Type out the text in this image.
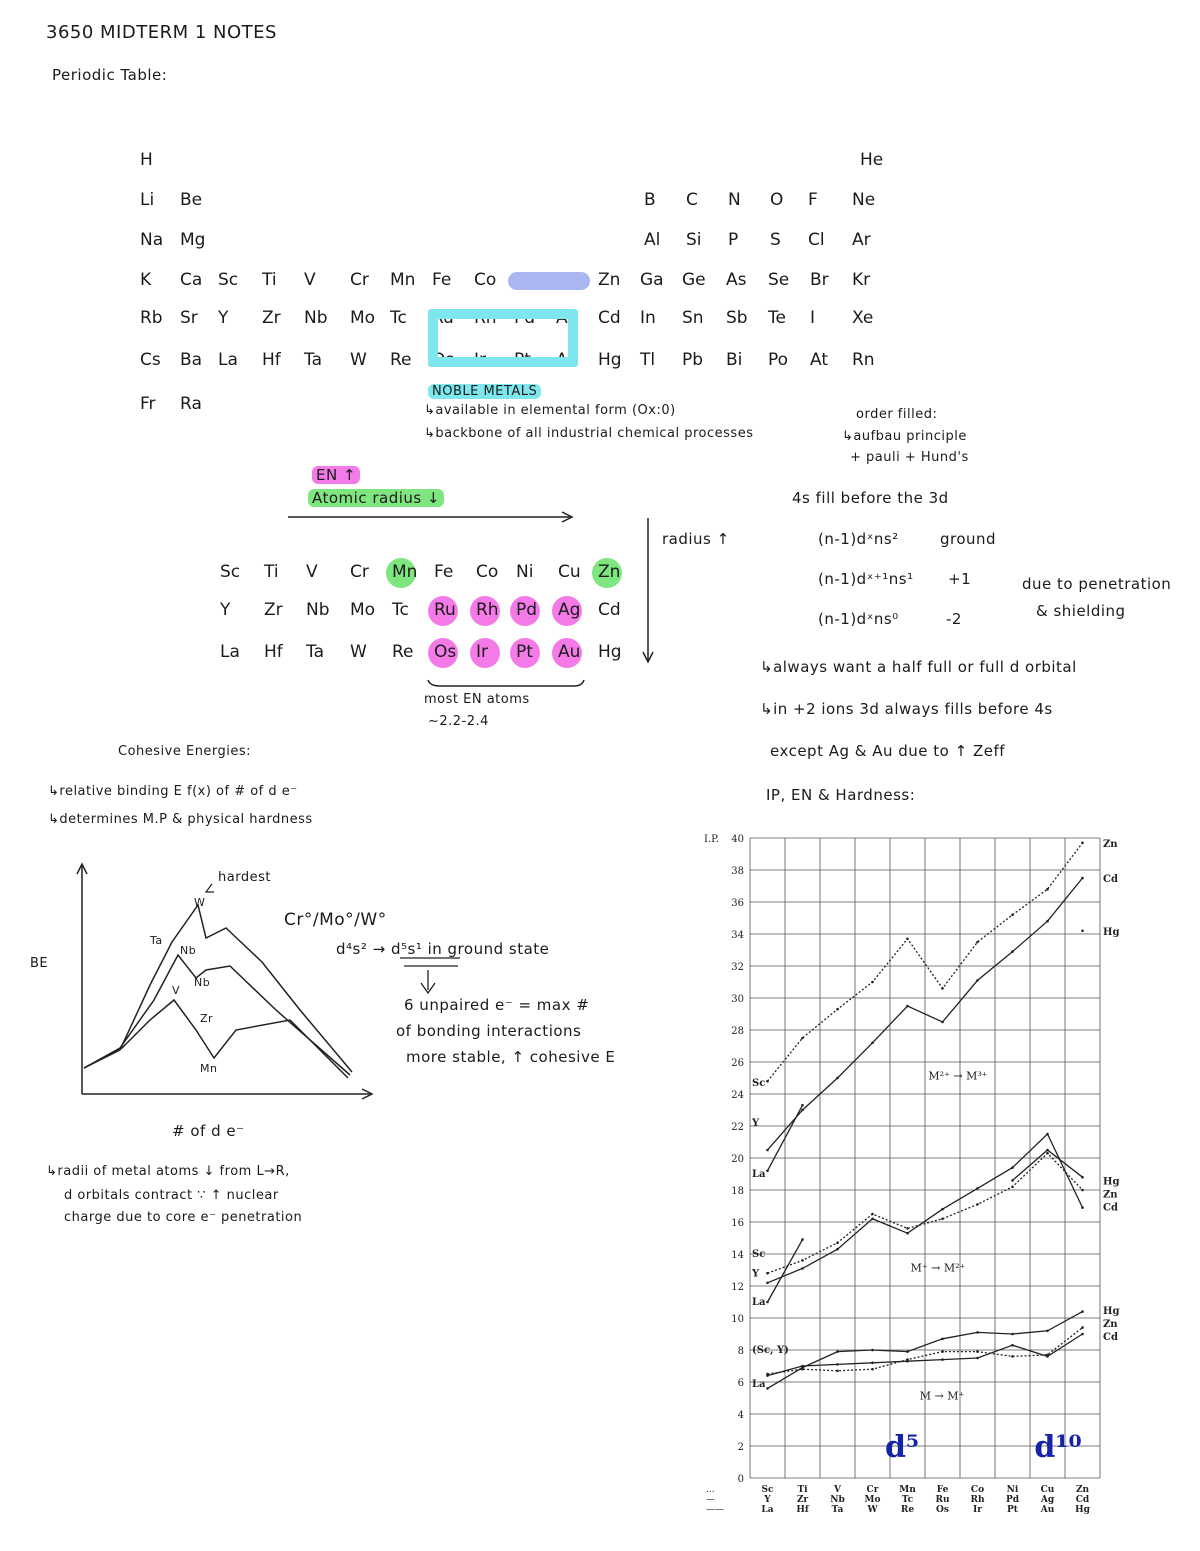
3650 MIDTERM 1 NOTES
Periodic Table:
H	He
Li Be	B C N O F Ne
Na Mg	Al Si P S Cl Ar
K Ca Sc Ti V Cr Mn Fe Co	Zn Ga Ge As Se Br Kr
Rb Sr Y Zr Nb Mo Tc Ru Rh Pd Ag Cd In Sn Sb Te I Xe
Cs Ba La Hf Ta W Re Os Ir Pt Au Hg Tl Pb Bi Po At Rn
Fr Ra
NOBLE METALS
↳available in elemental form (Ox:0)
↳backbone of all industrial chemical processes
order filled:
↳aufbau principle
+ pauli + Hund's
4s fill before the 3d
(n-1)dˣns²	ground
(n-1)dˣ⁺¹ns¹ +1
(n-1)dˣns⁰	-2
due to penetration
& shielding
↳always want a half full or full d orbital
↳in +2 ions 3d always fills before 4s
except Ag & Au due to ↑ Zeff
IP, EN & Hardness:
EN ↑
Atomic radius ↓
radius ↑
most EN atoms
~2.2-2.4
Sc Ti V Cr Mn Fe Co Ni Cu Zn
Y Zr Nb Mo Tc Ru Rh Pd Ag Cd
La Hf Ta W Re Os Ir Pt Au Hg
Cohesive Energies:
↳relative binding E f(x) of # of d e⁻
↳determines M.P & physical hardness
hardest
W
Ta
Nb
Nb
V
Zr
Mn
BE
# of d e⁻
Cr°/Mo°/W°
d⁴s² → d⁵s¹ in ground state
6 unpaired e⁻ = max #
of bonding interactions
more stable, ↑ cohesive E
↳radii of metal atoms ↓ from L→R,
d orbitals contract ∵ ↑ nuclear
charge due to core e⁻ penetration
0
2
4
6
8
10
12
14
16
18
20
22
24
26
28
30
32
34
36
38
40
I.P.
Sc
Y
La
Ti
Zr
Hf
V
Nb
Ta
Cr
Mo
W
Mn
Tc
Re
Fe
Ru
Os
Co
Rh
Ir
Ni
Pd
Pt
Cu
Ag
Au
Zn
Cd
Hg
...
—
——
Zn
Cd
Hg
Hg
Zn
Cd
Hg
Zn
Cd
Sc
Y
La
Sc
Y
La
(Sc, Y)
La
M²⁺ → M³⁺
M⁺ → M²⁺
M → M⁺
d⁵	d¹⁰
